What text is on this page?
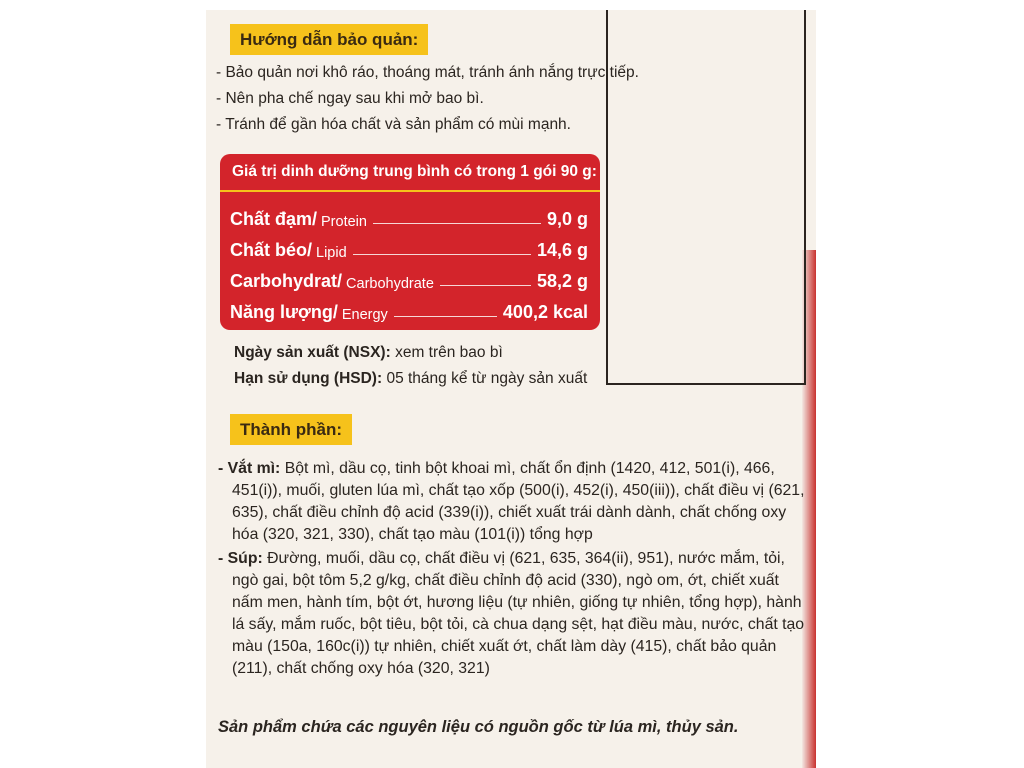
Hướng dẫn bảo quản:
- Bảo quản nơi khô ráo, thoáng mát, tránh ánh nắng trực tiếp.
- Nên pha chế ngay sau khi mở bao bì.
- Tránh để gần hóa chất và sản phẩm có mùi mạnh.
Giá trị dinh dưỡng trung bình có trong 1 gói 90 g:
Chất đạm/ Protein	9,0 g
Chất béo/ Lipid	14,6 g
Carbohydrat/ Carbohydrate	58,2 g
Năng lượng/ Energy	400,2 kcal
Ngày sản xuất (NSX): xem trên bao bì
Hạn sử dụng (HSD): 05 tháng kể từ ngày sản xuất
Thành phần:

- Vắt mì: Bột mì, dầu cọ, tinh bột khoai mì, chất ổn định (1420, 412, 501(i), 466, 451(i)), muối, gluten lúa mì, chất tạo xốp (500(i), 452(i), 450(iii)), chất điều vị (621, 635), chất điều chỉnh độ acid (339(i)), chiết xuất trái dành dành, chất chống oxy hóa (320, 321, 330), chất tạo màu (101(i)) tổng hợp

- Súp: Đường, muối, dầu cọ, chất điều vị (621, 635, 364(ii), 951), nước mắm, tỏi, ngò gai, bột tôm 5,2 g/kg, chất điều chỉnh độ acid (330), ngò om, ớt, chiết xuất nấm men, hành tím, bột ớt, hương liệu (tự nhiên, giống tự nhiên, tổng hợp), hành lá sấy, mắm ruốc, bột tiêu, bột tỏi, cà chua dạng sệt, hạt điều màu, nước, chất tạo màu (150a, 160c(i)) tự nhiên, chiết xuất ớt, chất làm dày (415), chất bảo quản (211), chất chống oxy hóa (320, 321)

Sản phẩm chứa các nguyên liệu có nguồn gốc từ lúa mì, thủy sản.
